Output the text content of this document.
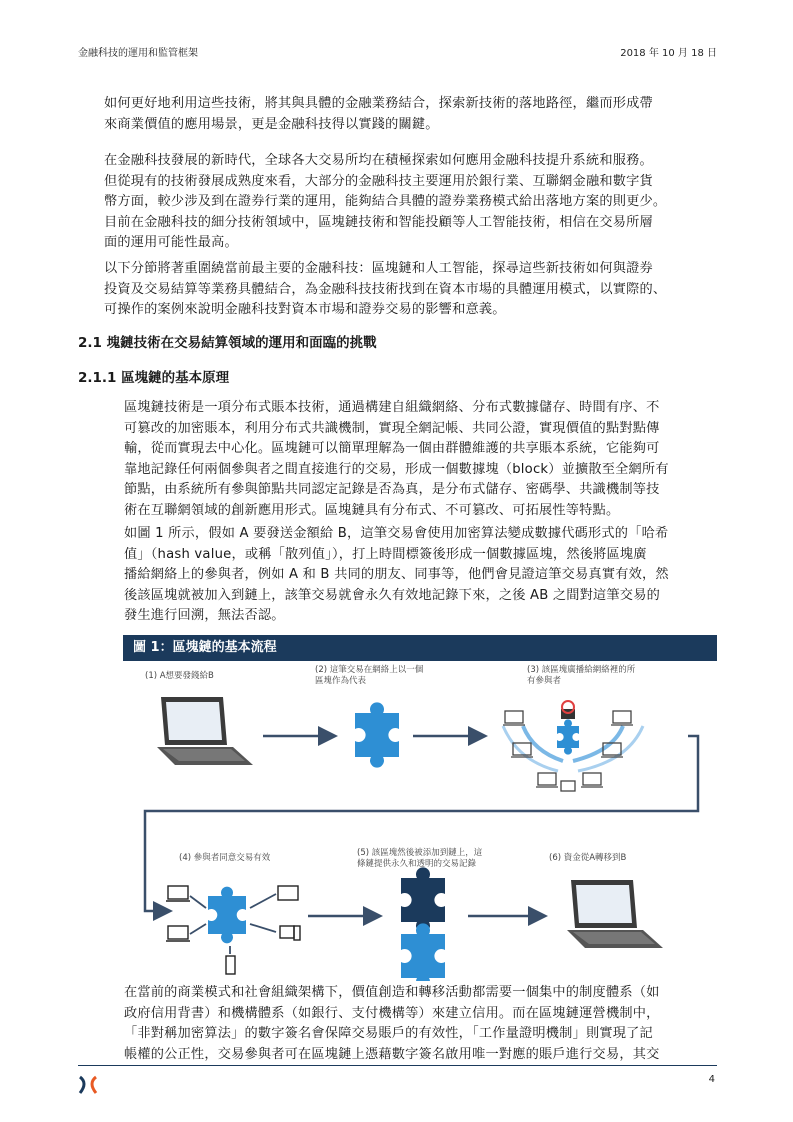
金融科技的運用和監管框架	2018 年 10 月 18 日
如何更好地利用這些技術，將其與具體的金融業務結合，探索新技術的落地路徑，繼而形成帶
來商業價值的應用場景，更是金融科技得以實踐的關鍵。
在金融科技發展的新時代，全球各大交易所均在積極探索如何應用金融科技提升系統和服務。
但從現有的技術發展成熟度來看，大部分的金融科技主要運用於銀行業、互聯網金融和數字貨
幣方面，較少涉及到在證券行業的運用，能夠結合具體的證券業務模式給出落地方案的則更少。
目前在金融科技的細分技術領域中，區塊鏈技術和智能投顧等人工智能技術，相信在交易所層
面的運用可能性最高。
以下分節將著重圍繞當前最主要的金融科技：區塊鏈和人工智能，探尋這些新技術如何與證券
投資及交易結算等業務具體結合，為金融科技技術找到在資本市場的具體運用模式，以實際的、
可操作的案例來說明金融科技對資本市場和證券交易的影響和意義。
2.1 塊鏈技術在交易結算領域的運用和面臨的挑戰
2.1.1 區塊鏈的基本原理
區塊鏈技術是一項分布式賬本技術，通過構建自組織網絡、分布式數據儲存、時間有序、不
可篡改的加密賬本，利用分布式共識機制，實現全網記帳、共同公證，實現價值的點對點傳
輸，從而實現去中心化。區塊鏈可以簡單理解為一個由群體維護的共享賬本系統，它能夠可
靠地記錄任何兩個參與者之間直接進行的交易，形成一個數據塊（block）並擴散至全網所有
節點，由系統所有參與節點共同認定記錄是否為真，是分布式儲存、密碼學、共識機制等技
術在互聯網領域的創新應用形式。區塊鏈具有分布式、不可篡改、可拓展性等特點。
如圖 1 所示，假如 A 要發送金額給 B，這筆交易會使用加密算法變成數據代碼形式的「哈希
值」（hash value，或稱「散列值」），打上時間標簽後形成一個數據區塊，然後將區塊廣
播給網絡上的參與者，例如 A 和 B 共同的朋友、同事等，他們會見證這筆交易真實有效，然
後該區塊就被加入到鏈上，該筆交易就會永久有效地記錄下來，之後 AB 之間對這筆交易的
發生進行回溯，無法否認。
圖 1：區塊鏈的基本流程
(1) A想要發錢給B
(2) 這筆交易在網絡上以一個區塊作為代表
(3) 該區塊廣播給網絡裡的所有參與者
(4) 參與者同意交易有效	(5) 該區塊然後被添加到鏈上，這條鏈提供永久和透明的交易記錄
(6) 資金從A轉移到B
在當前的商業模式和社會組織架構下，價值創造和轉移活動都需要一個集中的制度體系（如
政府信用背書）和機構體系（如銀行、支付機構等）來建立信用。而在區塊鏈運營機制中，
「非對稱加密算法」的數字簽名會保障交易賬戶的有效性，「工作量證明機制」則實現了記
帳權的公正性，交易參與者可在區塊鏈上憑藉數字簽名啟用唯一對應的賬戶進行交易，其交
4
